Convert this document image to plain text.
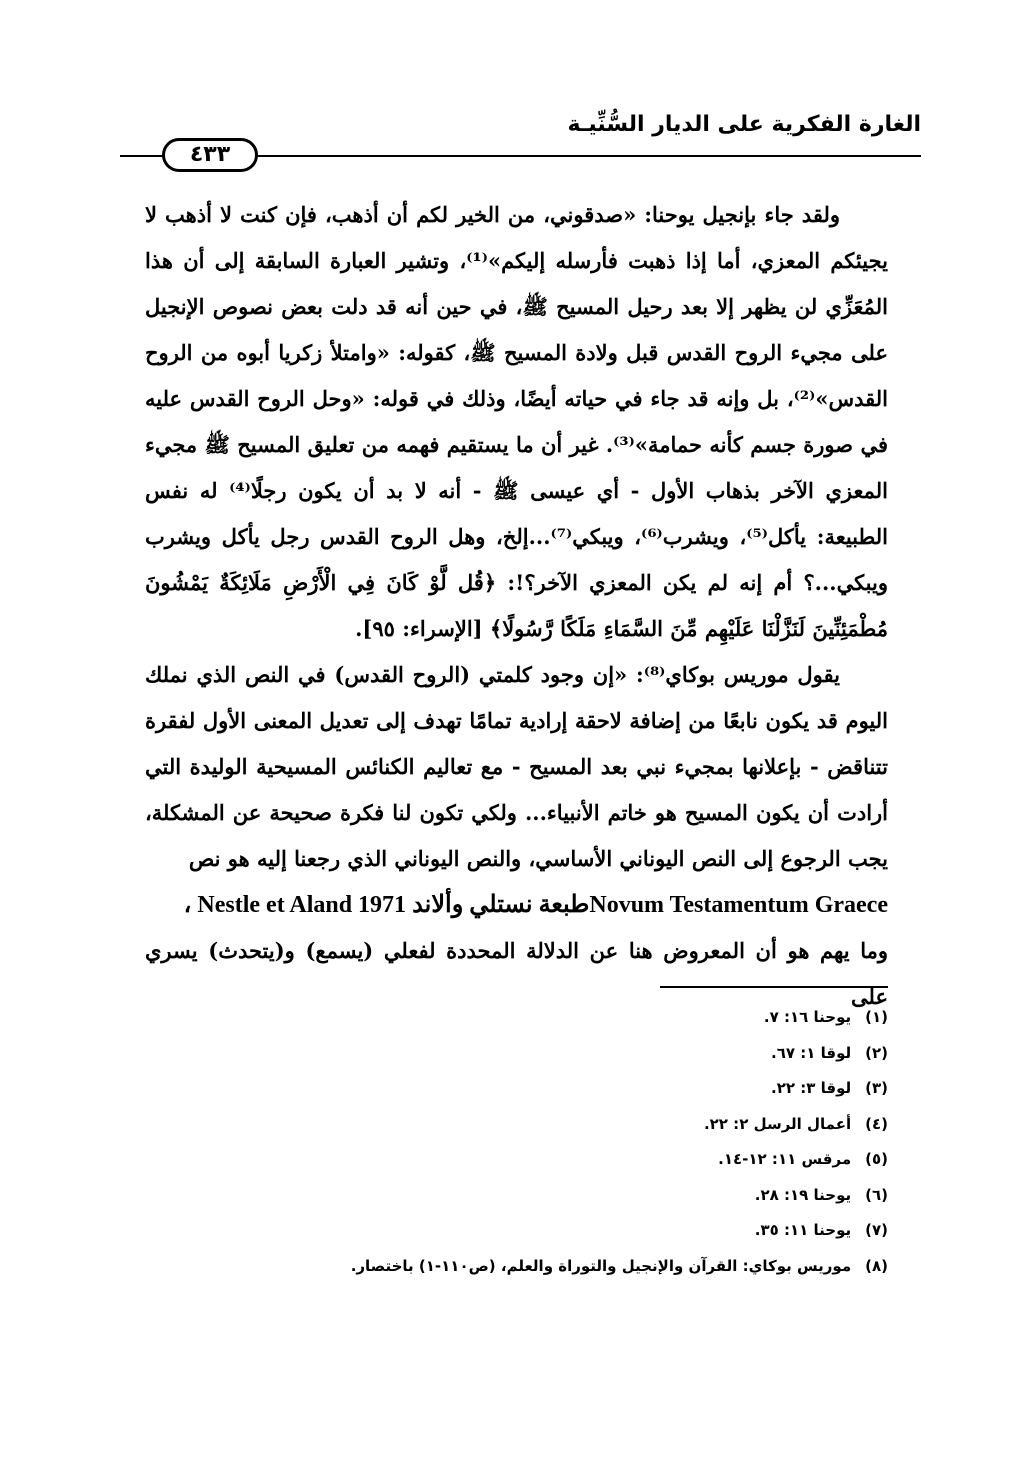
الغارة الفكرية على الديار السُّنِّيـة
٤٣٣

ولقد جاء بإنجيل يوحنا: «صدقوني، من الخير لكم أن أذهب، فإن كنت لا أذهب لا يجيئكم المعزي، أما إذا ذهبت فأرسله إليكم»⁽¹⁾، وتشير العبارة السابقة إلى أن هذا المُعَزِّي لن يظهر إلا بعد رحيل المسيح ﷺ، في حين أنه قد دلت بعض نصوص الإنجيل على مجيء الروح القدس قبل ولادة المسيح ﷺ، كقوله: «وامتلأ زكريا أبوه من الروح القدس»⁽²⁾، بل وإنه قد جاء في حياته أيضًا، وذلك في قوله: «وحل الروح القدس عليه في صورة جسم كأنه حمامة»⁽³⁾. غير أن ما يستقيم فهمه من تعليق المسيح ﷺ مجيء المعزي الآخر بذهاب الأول - أي عيسى ﷺ - أنه لا بد أن يكون رجلًا⁽⁴⁾ له نفس الطبيعة: يأكل⁽⁵⁾، ويشرب⁽⁶⁾، ويبكي⁽⁷⁾...إلخ، وهل الروح القدس رجل يأكل ويشرب ويبكي...؟ أم إنه لم يكن المعزي الآخر؟!: ﴿قُل لَّوْ كَانَ فِي الْأَرْضِ مَلَائِكَةٌ يَمْشُونَ مُطْمَئِنِّينَ لَنَزَّلْنَا عَلَيْهِم مِّنَ السَّمَاءِ مَلَكًا رَّسُولًا﴾ [الإسراء: ٩٥].

يقول موريس بوكاي⁽⁸⁾: «إن وجود كلمتي (الروح القدس) في النص الذي نملك اليوم قد يكون نابعًا من إضافة لاحقة إرادية تمامًا تهدف إلى تعديل المعنى الأول لفقرة تتناقض - بإعلانها بمجيء نبي بعد المسيح - مع تعاليم الكنائس المسيحية الوليدة التي أرادت أن يكون المسيح هو خاتم الأنبياء... ولكي تكون لنا فكرة صحيحة عن المشكلة، يجب الرجوع إلى النص اليوناني الأساسي، والنص اليوناني الذي رجعنا إليه هو نص

Novum Testamentum Graeceطبعة نستلي وألاند Nestle et Aland 1971 ،

وما يهم هو أن المعروض هنا عن الدلالة المحددة لفعلي (يسمع) و(يتحدث) يسري على

(١)يوحنا ١٦: ٧.
(٢)لوقا ١: ٦٧.
(٣)لوقا ٣: ٢٢.
(٤)أعمال الرسل ٢: ٢٢.
(٥)مرقس ١١: ١٢-١٤.
(٦)يوحنا ١٩: ٢٨.
(٧)يوحنا ١١: ٣٥.
(٨)موريس بوكاي: القرآن والإنجيل والتوراة والعلم، (ص١١٠-١) باختصار.
